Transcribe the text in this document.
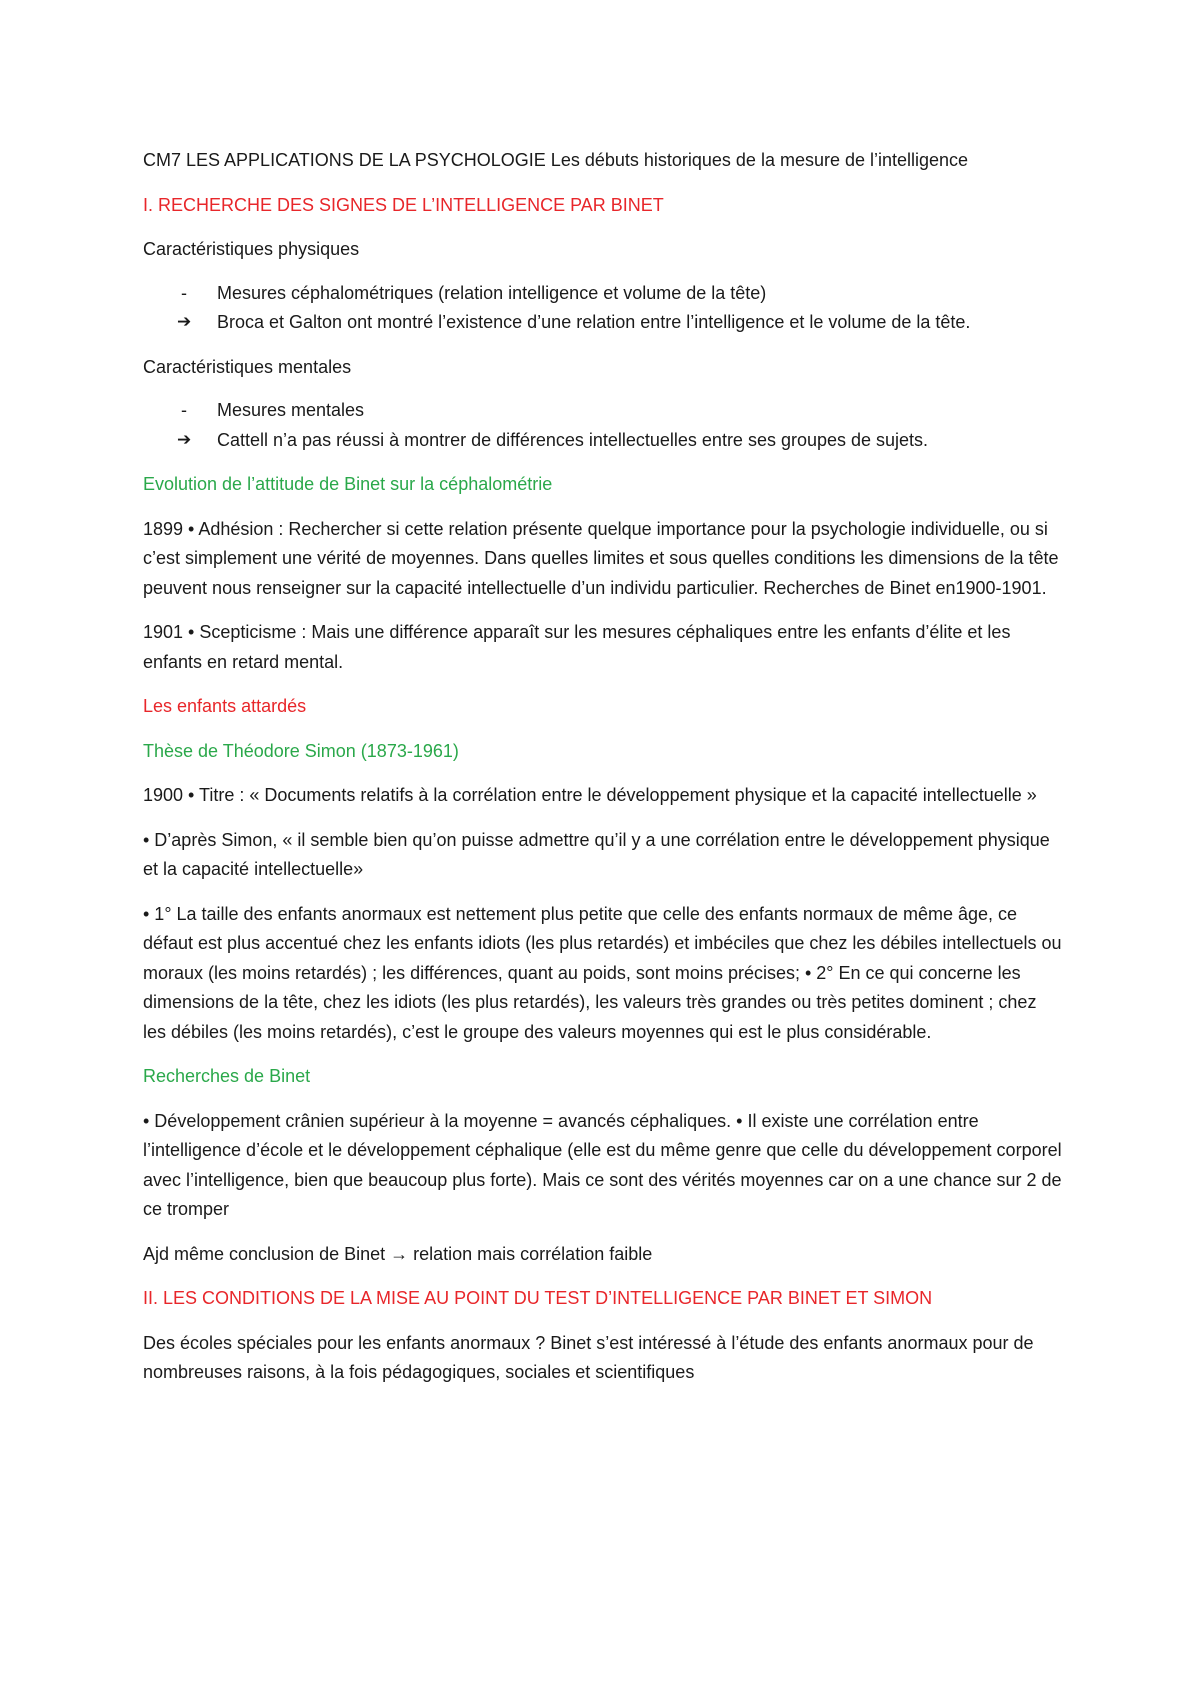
CM7 LES APPLICATIONS DE LA PSYCHOLOGIE Les débuts historiques de la mesure de l’intelligence

I. RECHERCHE DES SIGNES DE L’INTELLIGENCE PAR BINET

Caractéristiques physiques

-	Mesures céphalométriques (relation intelligence et volume de la tête)
➔	Broca et Galton ont montré l’existence d’une relation entre l’intelligence et le volume de la tête.

Caractéristiques mentales

-	Mesures mentales
➔	Cattell n’a pas réussi à montrer de différences intellectuelles entre ses groupes de sujets.

Evolution de l’attitude de Binet sur la céphalométrie

1899 • Adhésion : Rechercher si cette relation présente quelque importance pour la psychologie individuelle, ou si c’est simplement une vérité de moyennes. Dans quelles limites et sous quelles conditions les dimensions de la tête peuvent nous renseigner sur la capacité intellectuelle d’un individu particulier. Recherches de Binet en1900-1901.

1901 • Scepticisme : Mais une différence apparaît sur les mesures céphaliques entre les enfants d’élite et les enfants en retard mental.

Les enfants attardés

Thèse de Théodore Simon (1873-1961)

1900 • Titre : « Documents relatifs à la corrélation entre le développement physique et la capacité intellectuelle »

• D’après Simon, « il semble bien qu’on puisse admettre qu’il y a une corrélation entre le développement physique et la capacité intellectuelle»

• 1° La taille des enfants anormaux est nettement plus petite que celle des enfants normaux de même âge, ce défaut est plus accentué chez les enfants idiots (les plus retardés) et imbéciles que chez les débiles intellectuels ou moraux (les moins retardés) ; les différences, quant au poids, sont moins précises; • 2° En ce qui concerne les dimensions de la tête, chez les idiots (les plus retardés), les valeurs très grandes ou très petites dominent ; chez les débiles (les moins retardés), c’est le groupe des valeurs moyennes qui est le plus considérable.

Recherches de Binet

• Développement crânien supérieur à la moyenne = avancés céphaliques. • Il existe une corrélation entre l’intelligence d’école et le développement céphalique (elle est du même genre que celle du développement corporel avec l’intelligence, bien que beaucoup plus forte). Mais ce sont des vérités moyennes car on a une chance sur 2 de ce tromper

Ajd même conclusion de Binet → relation mais corrélation faible

II. LES CONDITIONS DE LA MISE AU POINT DU TEST D’INTELLIGENCE PAR BINET ET SIMON

Des écoles spéciales pour les enfants anormaux ? Binet s’est intéressé à l’étude des enfants anormaux pour de nombreuses raisons, à la fois pédagogiques, sociales et scientifiques
